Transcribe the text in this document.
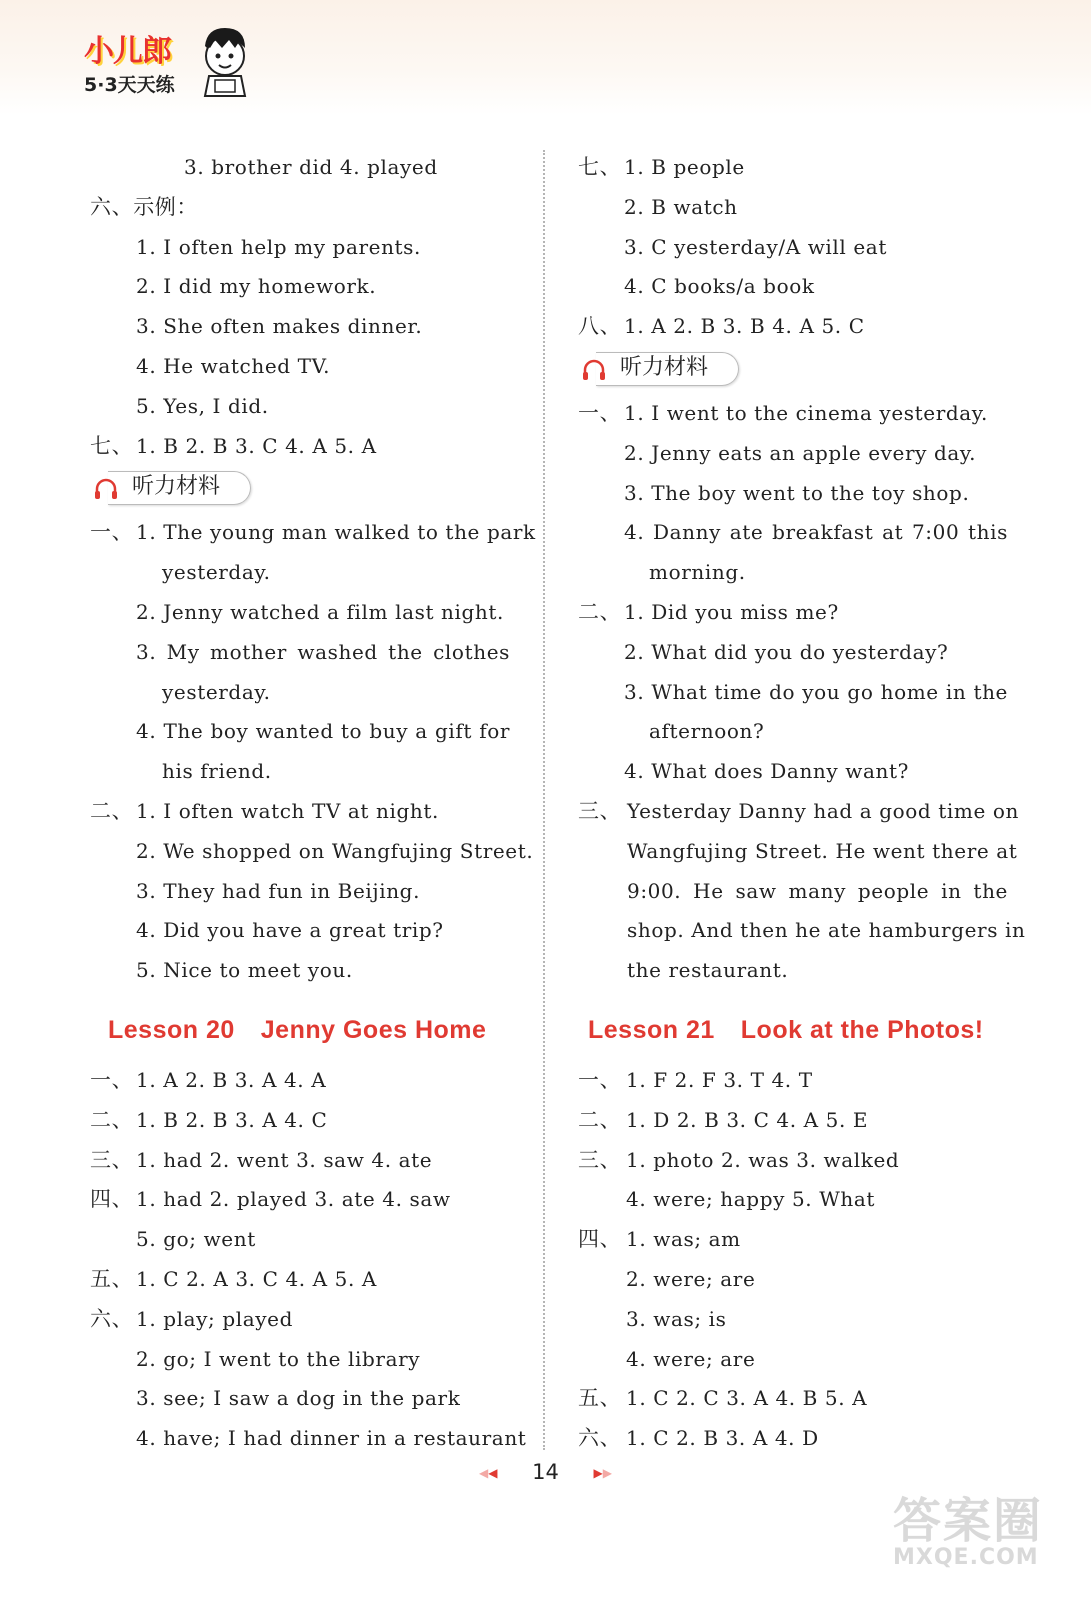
小儿郎
5·3天天练
3. brother did 4. played
六、示例：
1. I often help my parents.
2. I did my homework.
3. She often makes dinner.
4. He watched TV.
5. Yes, I did.
七、 1. B 2. B 3. C 4. A 5. A
听力材料
一、 1. The young man walked to the park
yesterday.
2. Jenny watched a film last night.
3. My mother washed the clothes
yesterday.
4. The boy wanted to buy a gift for
his friend.
二、 1. I often watch TV at night.
2. We shopped on Wangfujing Street.
3. They had fun in Beijing.
4. Did you have a great trip?
5. Nice to meet you.
Lesson 20 Jenny Goes Home
一、 1. A 2. B 3. A 4. A
二、 1. B 2. B 3. A 4. C
三、 1. had 2. went 3. saw 4. ate
四、 1. had 2. played 3. ate 4. saw
5. go; went
五、 1. C 2. A 3. C 4. A 5. A
六、 1. play; played
2. go; I went to the library
3. see; I saw a dog in the park
4. have; I had dinner in a restaurant
七、 1. B people
2. B watch
3. C yesterday/A will eat
4. C books/a book
八、 1. A 2. B 3. B 4. A 5. C
听力材料
一、 1. I went to the cinema yesterday.
2. Jenny eats an apple every day.
3. The boy went to the toy shop.
4. Danny ate breakfast at 7:00 this
morning.
二、 1. Did you miss me?
2. What did you do yesterday?
3. What time do you go home in the
afternoon?
4. What does Danny want?
三、 Yesterday Danny had a good time on
Wangfujing Street. He went there at
9:00. He saw many people in the
shop. And then he ate hamburgers in
the restaurant.
Lesson 21 Look at the Photos!
一、 1. F 2. F 3. T 4. T
二、 1. D 2. B 3. C 4. A 5. E
三、 1. photo 2. was 3. walked
4. were; happy 5. What
四、 1. was; am
2. were; are
3. was; is
4. were; are
五、 1. C 2. C 3. A 4. B 5. A
六、 1. C 2. B 3. A 4. D
◀◀ 14	▶▶
答案圈
MXQE.COM
